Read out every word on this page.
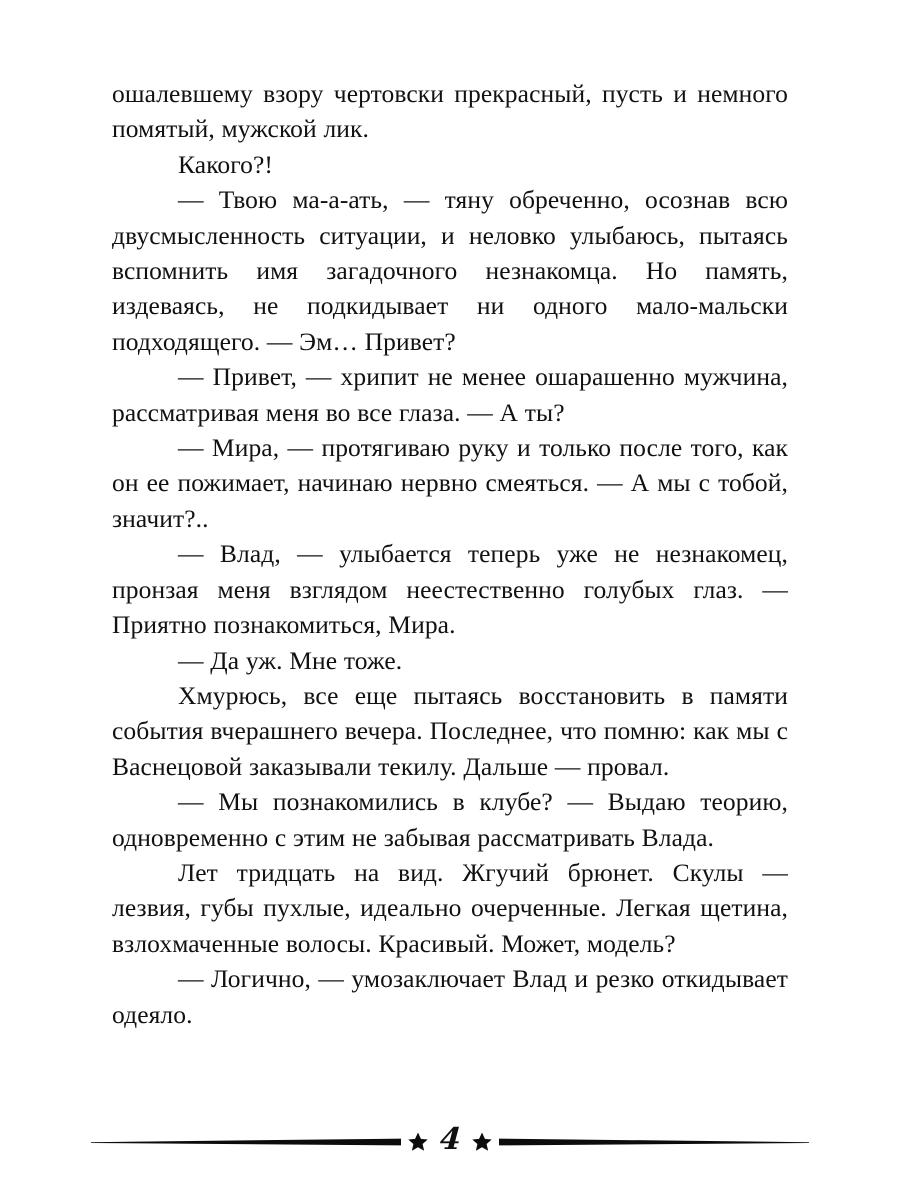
ошалевшему взору чертовски прекрасный, пусть и немного помятый, мужской лик.

Какого?!

— Твою ма-а-ать, — тяну обреченно, осознав всю двусмысленность ситуации, и неловко улыбаюсь, пытаясь вспомнить имя загадочного незнакомца. Но память, издеваясь, не подкидывает ни одного мало-мальски подходящего. — Эм… Привет?

— Привет, — хрипит не менее ошарашенно мужчина, рассматривая меня во все глаза. — А ты?

— Мира, — протягиваю руку и только после того, как он ее пожимает, начинаю нервно смеяться. — А мы с тобой, значит?..

— Влад, — улыбается теперь уже не незнакомец, пронзая меня взглядом неестественно голубых глаз. — Приятно познакомиться, Мира.

— Да уж. Мне тоже.

Хмурюсь, все еще пытаясь восстановить в памяти события вчерашнего вечера. Последнее, что помню: как мы с Васнецовой заказывали текилу. Дальше — провал.

— Мы познакомились в клубе? — Выдаю теорию, одновременно с этим не забывая рассматривать Влада.

Лет тридцать на вид. Жгучий брюнет. Скулы — лезвия, губы пухлые, идеально очерченные. Легкая щетина, взлохмаченные волосы. Красивый. Может, модель?

— Логично, — умозаключает Влад и резко откидывает одеяло.

4
